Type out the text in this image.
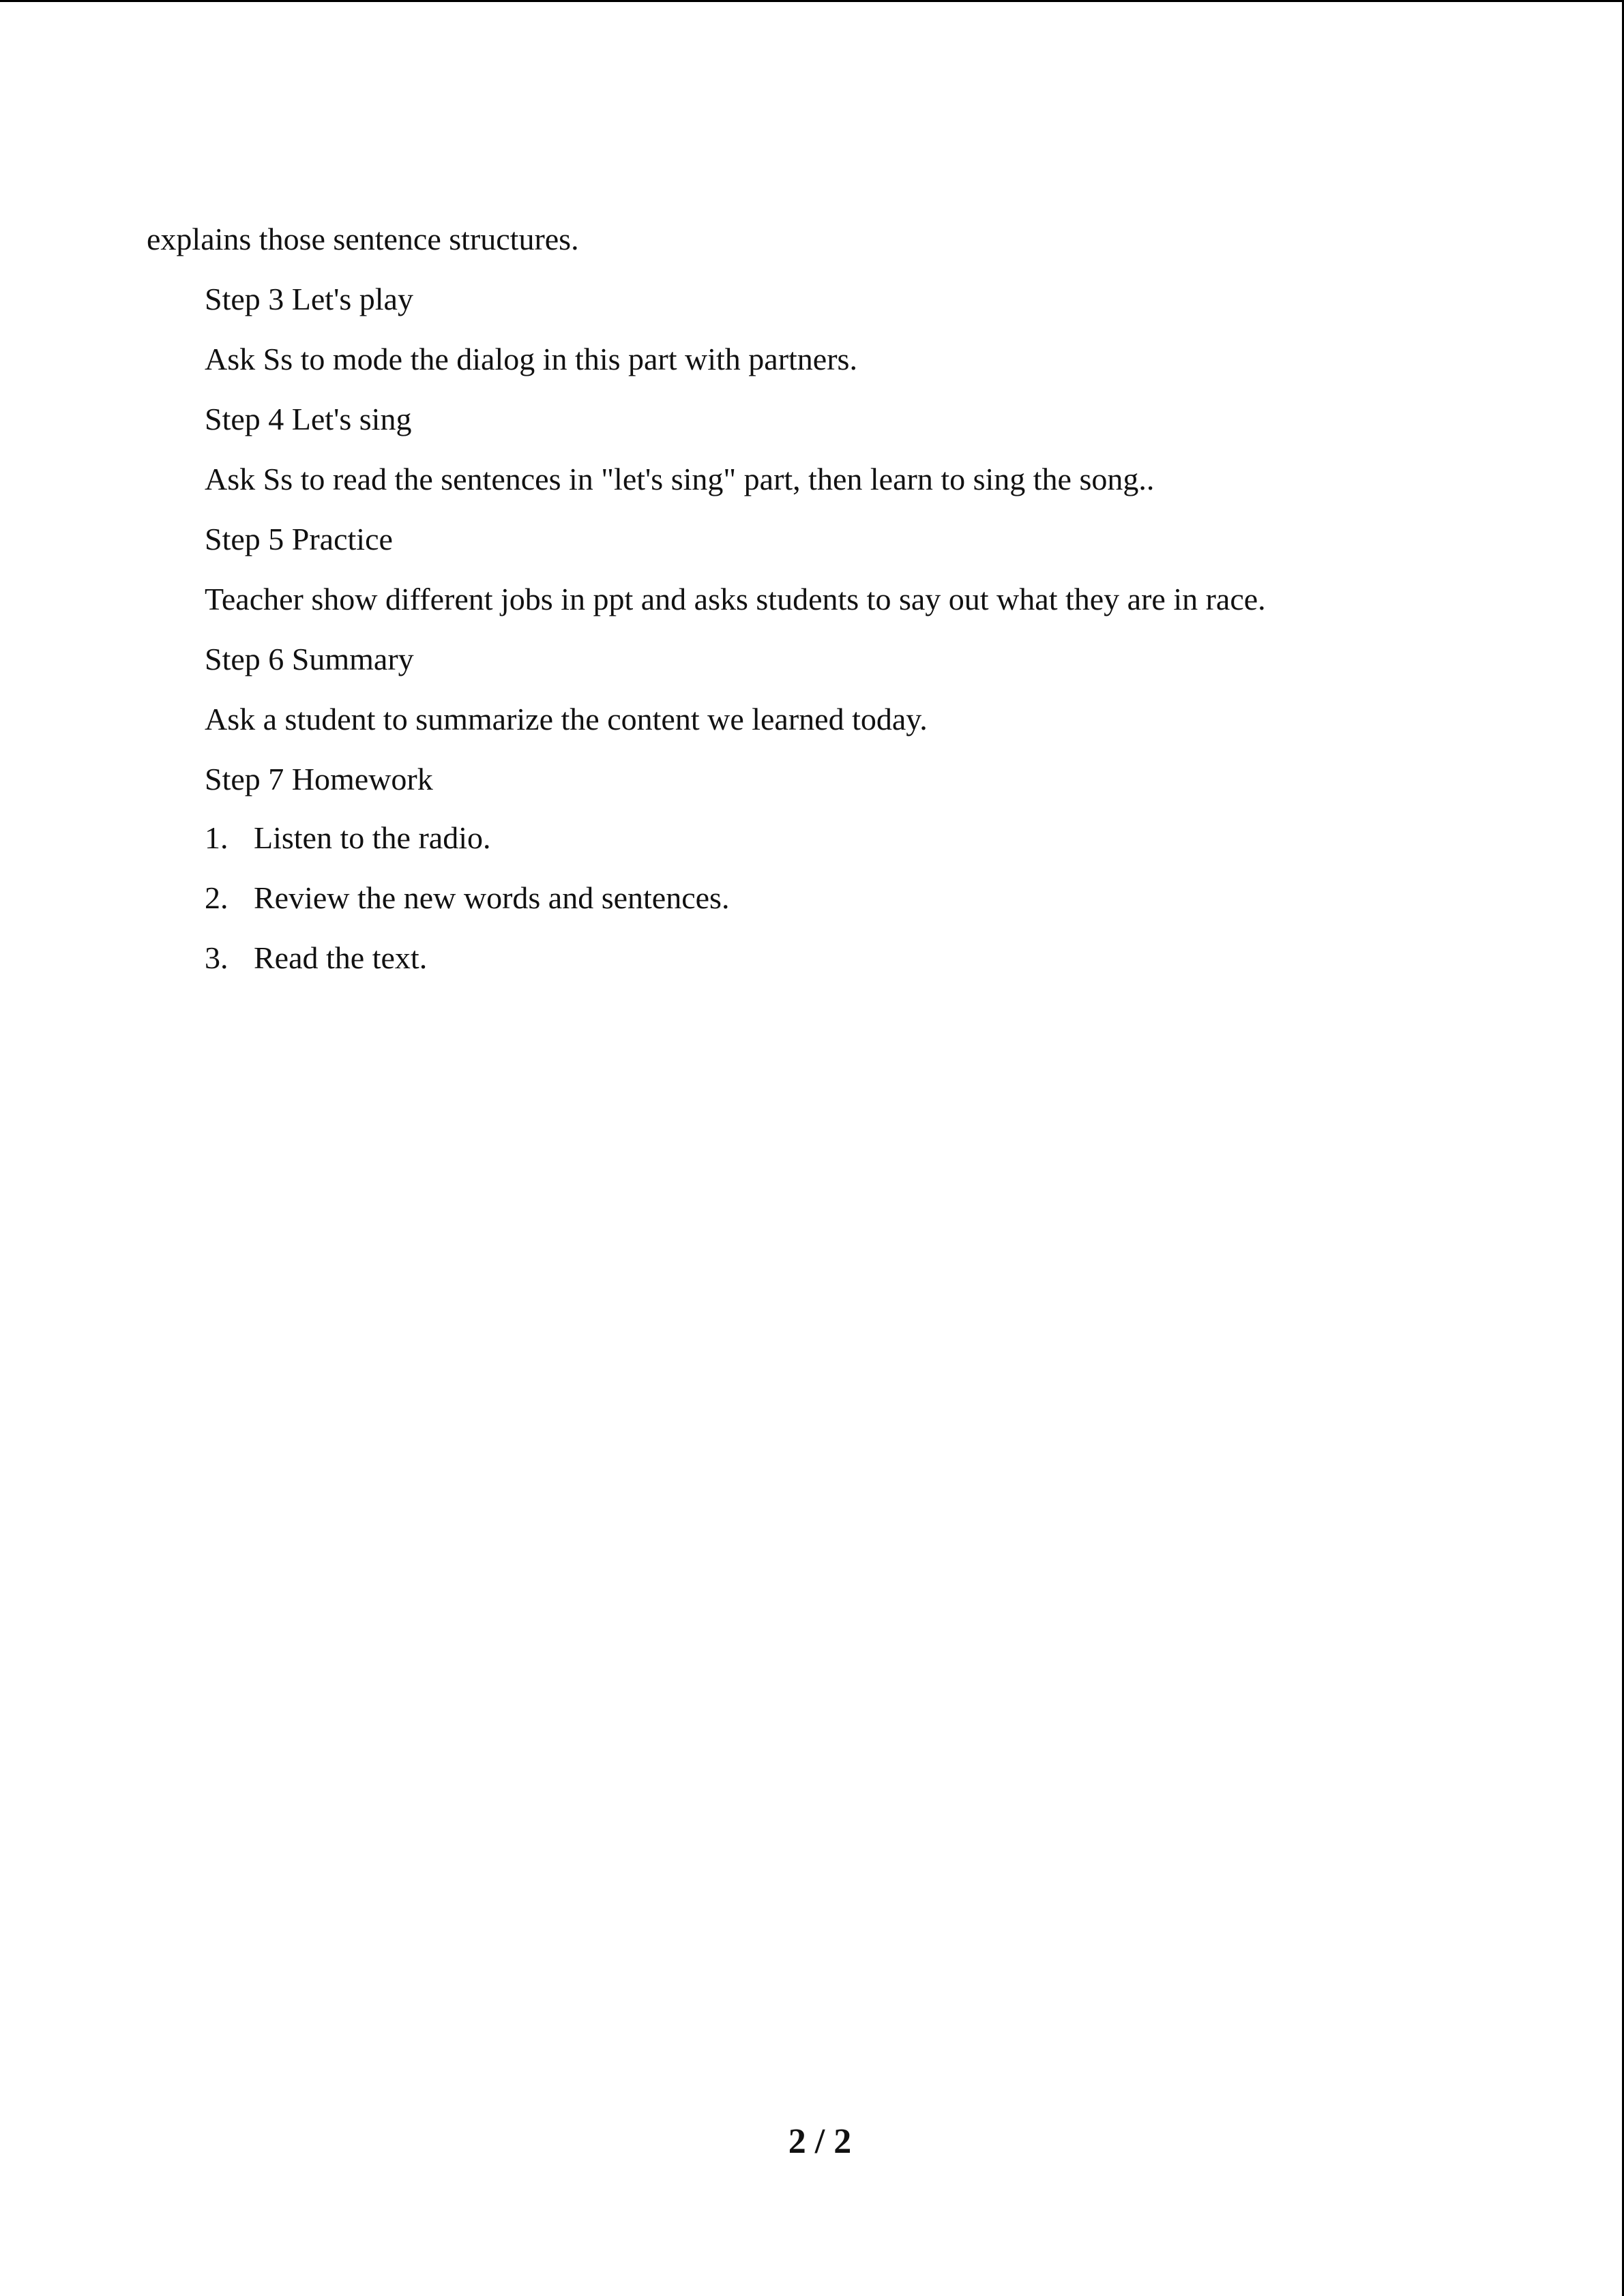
explains those sentence structures.
Step 3 Let's play
Ask Ss to mode the dialog in this part with partners.
Step 4 Let's sing
Ask Ss to read the sentences in "let's sing" part, then learn to sing the song..
Step 5 Practice
Teacher show different jobs in ppt and asks students to say out what they are in race.
Step 6 Summary
Ask a student to summarize the content we learned today.
Step 7 Homework
1. Listen to the radio.
2. Review the new words and sentences.
3. Read the text.
2 / 2
